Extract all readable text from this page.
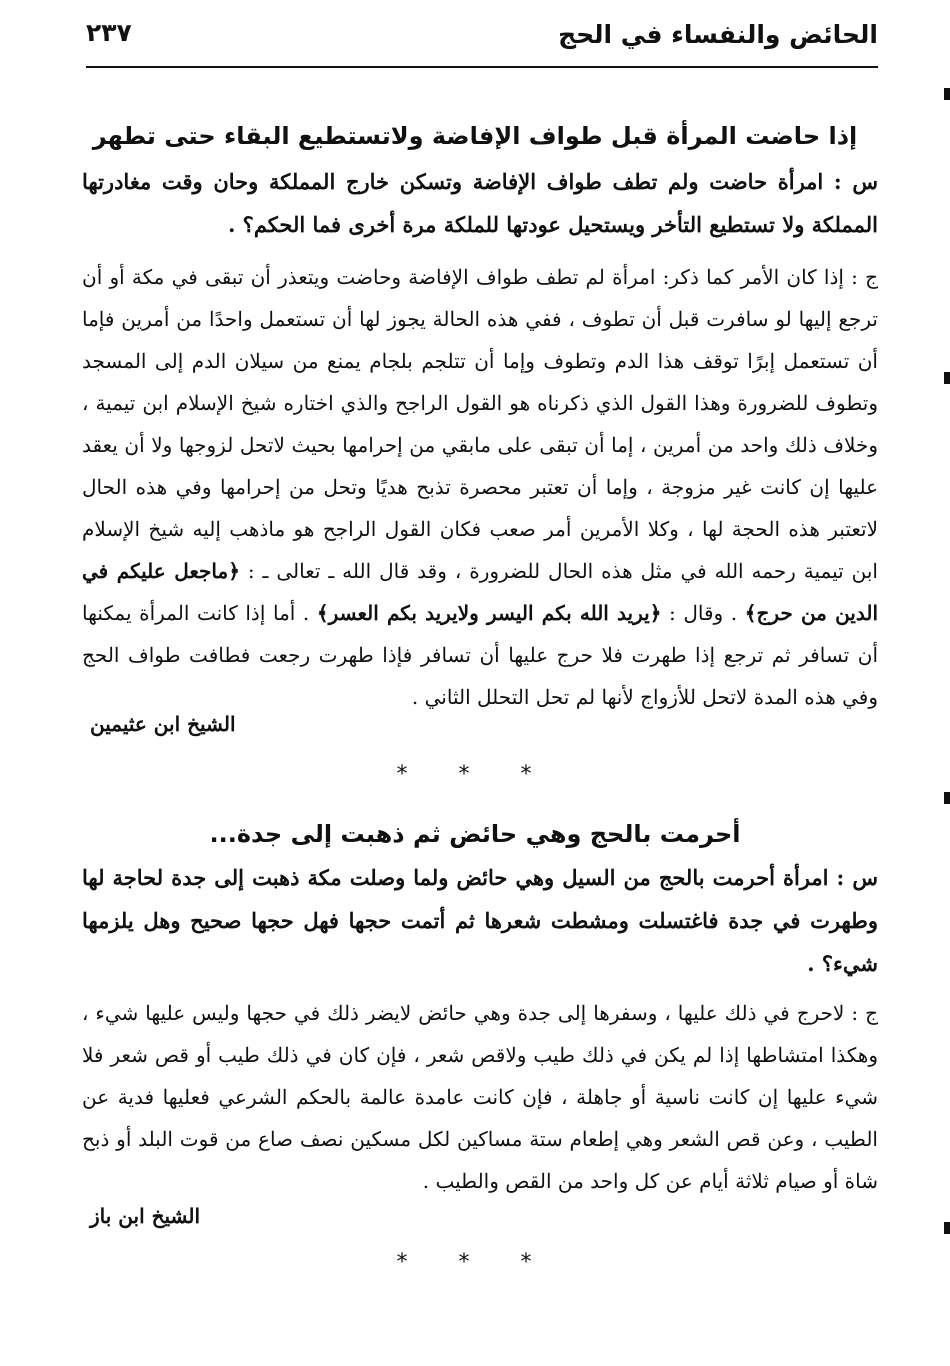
الحائض والنفساء في الحج
٢٣٧
إذا حاضت المرأة قبل طواف الإفاضة ولاتستطيع البقاء حتى تطهر
س : امرأة حاضت ولم تطف طواف الإفاضة وتسكن خارج المملكة وحان وقت مغادرتها المملكة ولا تستطيع التأخر ويستحيل عودتها للملكة مرة أخرى فما الحكم؟ .
ج : إذا كان الأمر كما ذكر: امرأة لم تطف طواف الإفاضة وحاضت ويتعذر أن تبقى في مكة أو أن ترجع إليها لو سافرت قبل أن تطوف ، ففي هذه الحالة يجوز لها أن تستعمل واحدًا من أمرين فإما أن تستعمل إبرًا توقف هذا الدم وتطوف وإما أن تتلجم بلجام يمنع من سيلان الدم إلى المسجد وتطوف للضرورة وهذا القول الذي ذكرناه هو القول الراجح والذي اختاره شيخ الإسلام ابن تيمية ، وخلاف ذلك واحد من أمرين ، إما أن تبقى على مابقي من إحرامها بحيث لاتحل لزوجها ولا أن يعقد عليها إن كانت غير مزوجة ، وإما أن تعتبر محصرة تذبح هديًا وتحل من إحرامها وفي هذه الحال لاتعتبر هذه الحجة لها ، وكلا الأمرين أمر صعب فكان القول الراجح هو ماذهب إليه شيخ الإسلام ابن تيمية رحمه الله في مثل هذه الحال للضرورة ، وقد قال الله ـ تعالى ـ : ﴿ماجعل عليكم في الدين من حرج﴾ . وقال : ﴿يريد الله بكم اليسر ولايريد بكم العسر﴾ . أما إذا كانت المرأة يمكنها أن تسافر ثم ترجع إذا طهرت فلا حرج عليها أن تسافر فإذا طهرت رجعت فطافت طواف الحج وفي هذه المدة لاتحل للأزواج لأنها لم تحل التحلل الثاني .
الشيخ ابن عثيمين
* * *
أحرمت بالحج وهي حائض ثم ذهبت إلى جدة...
س : امرأة أحرمت بالحج من السيل وهي حائض ولما وصلت مكة ذهبت إلى جدة لحاجة لها وطهرت في جدة فاغتسلت ومشطت شعرها ثم أتمت حجها فهل حجها صحيح وهل يلزمها شيء؟ .
ج : لاحرج في ذلك عليها ، وسفرها إلى جدة وهي حائض لايضر ذلك في حجها وليس عليها شيء ، وهكذا امتشاطها إذا لم يكن في ذلك طيب ولاقص شعر ، فإن كان في ذلك طيب أو قص شعر فلا شيء عليها إن كانت ناسية أو جاهلة ، فإن كانت عامدة عالمة بالحكم الشرعي فعليها فدية عن الطيب ، وعن قص الشعر وهي إطعام ستة مساكين لكل مسكين نصف صاع من قوت البلد أو ذبح شاة أو صيام ثلاثة أيام عن كل واحد من القص والطيب .
الشيخ ابن باز
* * *
